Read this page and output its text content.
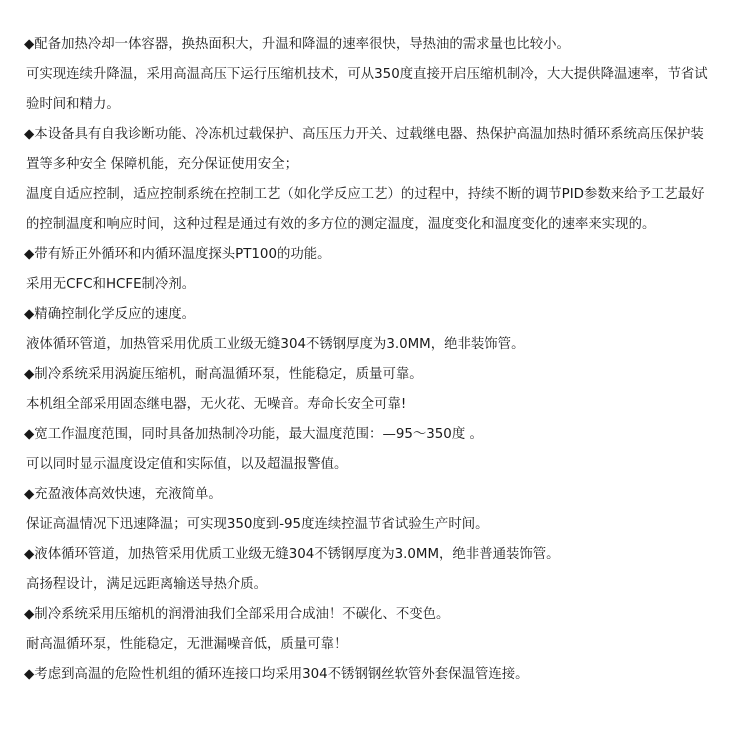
◆配备加热冷却一体容器，换热面积大，升温和降温的速率很快，导热油的需求量也比较小。
可实现连续升降温，采用高温高压下运行压缩机技术，可从350度直接开启压缩机制冷，大大提供降温速率，节省试
验时间和精力。
◆本设备具有自我诊断功能、冷冻机过载保护、高压压力开关、过载继电器、热保护高温加热时循环系统高压保护装
置等多种安全 保障机能，充分保证使用安全；
温度自适应控制，适应控制系统在控制工艺（如化学反应工艺）的过程中，持续不断的调节PID参数来给予工艺最好
的控制温度和响应时间，这种过程是通过有效的多方位的测定温度，温度变化和温度变化的速率来实现的。
◆带有矫正外循环和内循环温度探头PT100的功能。
采用无CFC和HCFE制冷剂。
◆精确控制化学反应的速度。
液体循环管道，加热管采用优质工业级无缝304不锈钢厚度为3.0MM，绝非装饰管。
◆制冷系统采用涡旋压缩机，耐高温循环泵，性能稳定，质量可靠。
本机组全部采用固态继电器，无火花、无噪音。寿命长安全可靠!
◆宽工作温度范围，同时具备加热制冷功能，最大温度范围：—95～350度 。
可以同时显示温度设定值和实际值，以及超温报警值。
◆充盈液体高效快速，充液简单。
保证高温情况下迅速降温；可实现350度到-95度连续控温节省试验生产时间。
◆液体循环管道，加热管采用优质工业级无缝304不锈钢厚度为3.0MM，绝非普通装饰管。
高扬程设计，满足远距离输送导热介质。
◆制冷系统采用压缩机的润滑油我们全部采用合成油！不碳化、不变色。
耐高温循环泵，性能稳定，无泄漏噪音低，质量可靠！
◆考虑到高温的危险性机组的循环连接口均采用304不锈钢钢丝软管外套保温管连接。
